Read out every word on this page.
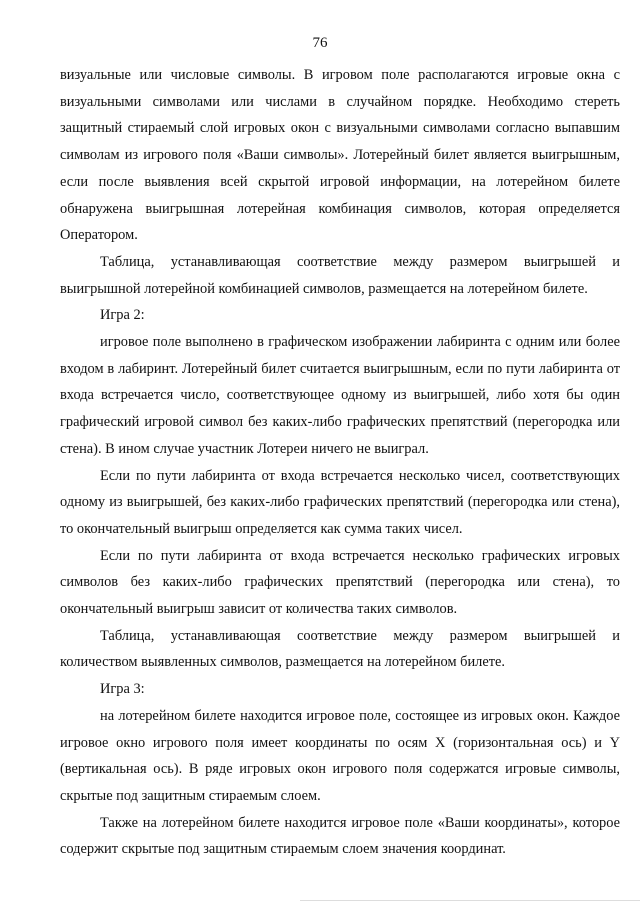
76

визуальные или числовые символы. В игровом поле располагаются игровые окна с визуальными символами или числами в случайном порядке. Необходимо стереть защитный стираемый слой игровых окон с визуальными символами согласно выпавшим символам из игрового поля «Ваши символы». Лотерейный билет является выигрышным, если после выявления всей скрытой игровой информации, на лотерейном билете обнаружена выигрышная лотерейная комбинация символов, которая определяется Оператором.

Таблица, устанавливающая соответствие между размером выигрышей и выигрышной лотерейной комбинацией символов, размещается на лотерейном билете.

Игра 2:

игровое поле выполнено в графическом изображении лабиринта с одним или более входом в лабиринт. Лотерейный билет считается выигрышным, если по пути лабиринта от входа встречается число, соответствующее одному из выигрышей, либо хотя бы один графический игровой символ без каких-либо графических препятствий (перегородка или стена). В ином случае участник Лотереи ничего не выиграл.

Если по пути лабиринта от входа встречается несколько чисел, соответствующих одному из выигрышей, без каких-либо графических препятствий (перегородка или стена), то окончательный выигрыш определяется как сумма таких чисел.

Если по пути лабиринта от входа встречается несколько графических игровых символов без каких-либо графических препятствий (перегородка или стена), то окончательный выигрыш зависит от количества таких символов.

Таблица, устанавливающая соответствие между размером выигрышей и количеством выявленных символов, размещается на лотерейном билете.

Игра 3:

на лотерейном билете находится игровое поле, состоящее из игровых окон. Каждое игровое окно игрового поля имеет координаты по осям X (горизонтальная ось) и Y (вертикальная ось). В ряде игровых окон игрового поля содержатся игровые символы, скрытые под защитным стираемым слоем.

Также на лотерейном билете находится игровое поле «Ваши координаты», которое содержит скрытые под защитным стираемым слоем значения координат.
